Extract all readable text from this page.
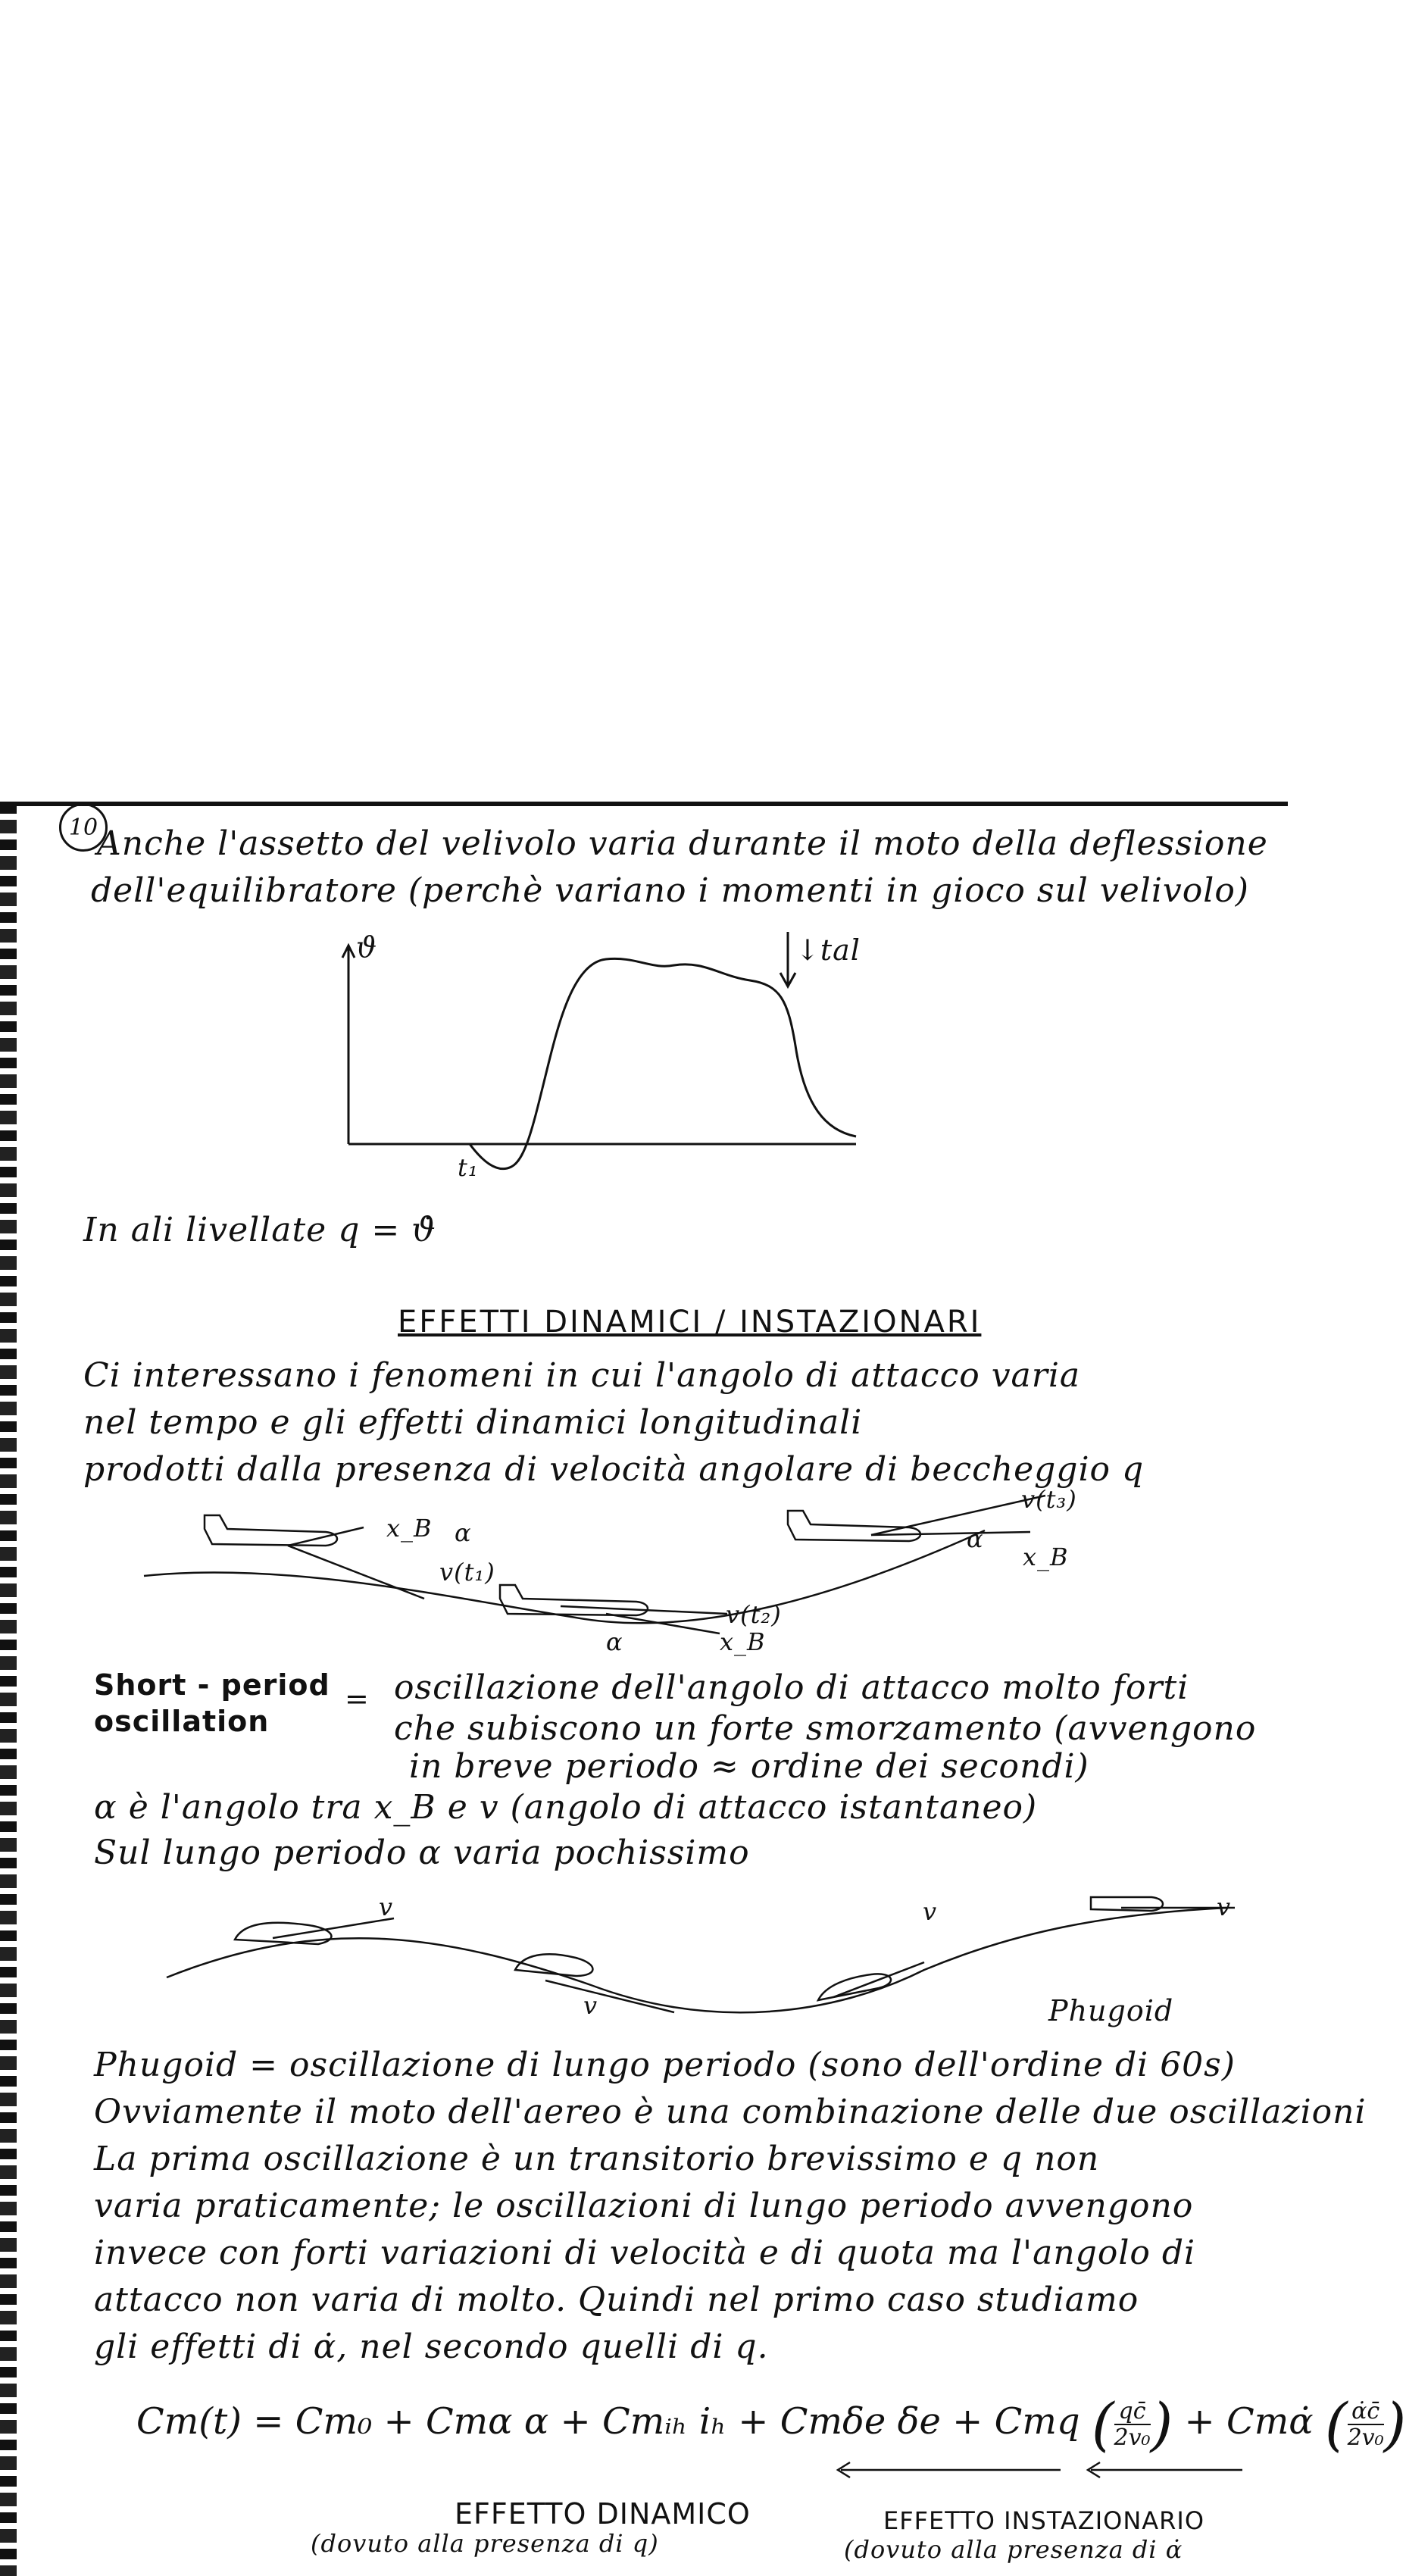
10
Anche l'assetto del velivolo varia durante il moto della deflessione
dell'equilibratore (perchè variano i momenti in gioco sul velivolo)
ϑ
t₁
↓tal
In ali livellate q = ϑ̇
EFFETTI DINAMICI / INSTAZIONARI
Ci interessano i fenomeni in cui l'angolo di attacco varia
nel tempo e gli effetti dinamici longitudinali
prodotti dalla presenza di velocità angolare di beccheggio q
x_B α
v(t₁)
v(t₂)
α	x_B
v(t₃)
α
x_B
Short - period
oscillation
= oscillazione dell'angolo di attacco molto forti
che subiscono un forte smorzamento (avvengono
in breve periodo ≈ ordine dei secondi)
α è l'angolo tra x_B e v (angolo di attacco istantaneo)
Sul lungo periodo α varia pochissimo
v
v
v	v
Phugoid
Phugoid = oscillazione di lungo periodo (sono dell'ordine di 60s)
Ovviamente il moto dell'aereo è una combinazione delle due oscillazioni
La prima oscillazione è un transitorio brevissimo e q non
varia praticamente; le oscillazioni di lungo periodo avvengono
invece con forti variazioni di velocità e di quota ma l'angolo di
attacco non varia di molto. Quindi nel primo caso studiamo
gli effetti di α̇, nel secondo quelli di q.
Cm(t) = Cm₀ + Cmα α + Cmᵢₕ iₕ + Cmδe δe + Cmq ( $\frac{qc̄}{\text{2v₀}}$ ) + Cmα̇ ( $\frac{\alphȧc̄}{\text{2v₀}}$ )
EFFETTO DINAMICO
(dovuto alla presenza di q)
EFFETTO INSTAZIONARIO
(dovuto alla presenza di α̇
